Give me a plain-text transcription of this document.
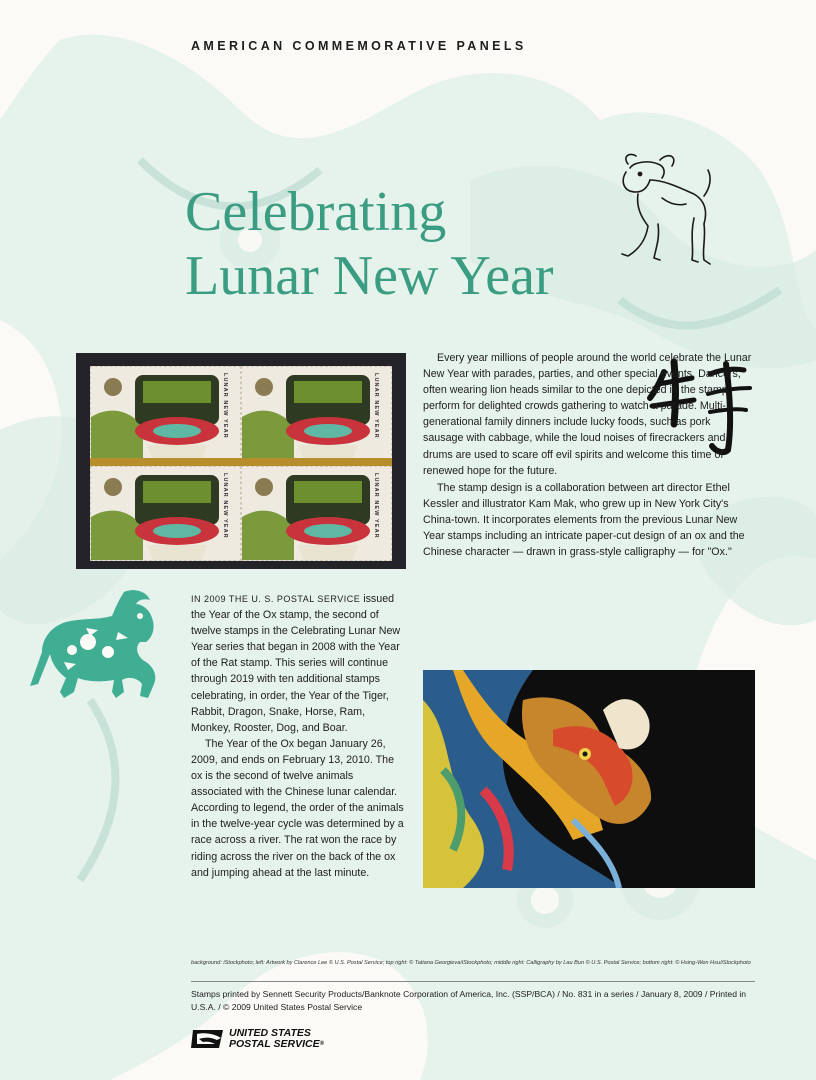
AMERICAN COMMEMORATIVE PANELS
Celebrating
Lunar New Year
LUNAR NEW YEAR	LUNAR NEW YEAR
LUNAR NEW YEAR	LUNAR NEW YEAR

IN 2009 THE U. S. POSTAL SERVICE issued the Year of the Ox stamp, the second of twelve stamps in the Celebrating Lunar New Year series that began in 2008 with the Year of the Rat stamp. This series will continue through 2019 with ten additional stamps celebrating, in order, the Year of the Tiger, Rabbit, Dragon, Snake, Horse, Ram, Monkey, Rooster, Dog, and Boar.

The Year of the Ox began January 26, 2009, and ends on February 13, 2010. The ox is the second of twelve animals associated with the Chinese lunar calendar. According to legend, the order of the animals in the twelve-year cycle was determined by a race across a river. The rat won the race by riding across the river on the back of the ox and jumping ahead at the last minute.

Every year millions of people around the world celebrate the Lunar New Year with parades, parties, and other special events. Dancers, often wearing lion heads similar to the one depicted in the stamp, perform for delighted crowds gathering to watch a parade. Multi-generational family dinners include lucky foods, such as pork sausage with cabbage, while the loud noises of firecrackers and drums are used to scare off evil spirits and welcome this time of renewed hope for the future.

The stamp design is a collaboration between art director Ethel Kessler and illustrator Kam Mak, who grew up in New York City's China-town. It incorporates elements from the previous Lunar New Year stamps including an intricate paper-cut design of an ox and the Chinese character — drawn in grass-style calligraphy — for "Ox."

background: iStockphoto; left: Artwork by Clarence Lee © U.S. Postal Service; top right: © Tatiana Georgieva/iStockphoto; middle right: Calligraphy by Lau Bun © U.S. Postal Service; bottom right: © Hsing-Wen Hsu/iStockphoto

Stamps printed by Sennett Security Products/Banknote Corporation of America, Inc. (SSP/BCA) / No. 831 in a series / January 8, 2009 / Printed in U.S.A. / © 2009 United States Postal Service

UNITED STATES
POSTAL SERVICE®
